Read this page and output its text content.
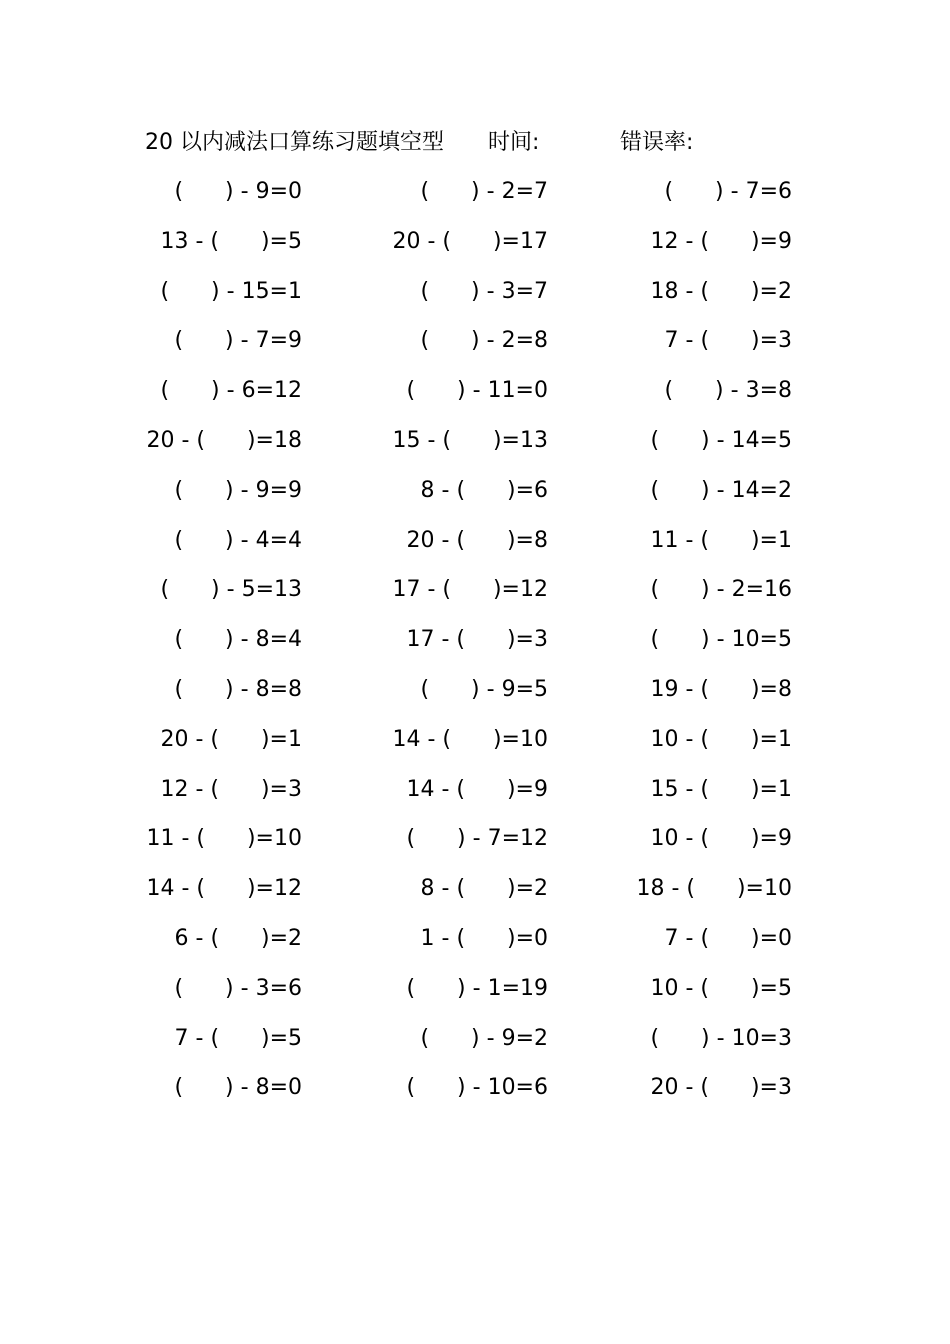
20 以内减法口算练习题填空型 时间:	错误率:
(      ) - 9=0	(      ) - 2=7	(      ) - 7=6
13 - (      )=5	20 - (      )=17	12 - (      )=9
(      ) - 15=1	(      ) - 3=7	18 - (      )=2
(      ) - 7=9	(      ) - 2=8	7 - (      )=3
(      ) - 6=12	(      ) - 11=0	(      ) - 3=8
20 - (      )=18	15 - (      )=13	(      ) - 14=5
(      ) - 9=9	8 - (      )=6	(      ) - 14=2
(      ) - 4=4	20 - (      )=8	11 - (      )=1
(      ) - 5=13	17 - (      )=12	(      ) - 2=16
(      ) - 8=4	17 - (      )=3	(      ) - 10=5
(      ) - 8=8	(      ) - 9=5	19 - (      )=8
20 - (      )=1	14 - (      )=10	10 - (      )=1
12 - (      )=3	14 - (      )=9	15 - (      )=1
11 - (      )=10	(      ) - 7=12	10 - (      )=9
14 - (      )=12	8 - (      )=2	18 - (      )=10
6 - (      )=2	1 - (      )=0	7 - (      )=0
(      ) - 3=6	(      ) - 1=19	10 - (      )=5
7 - (      )=5	(      ) - 9=2	(      ) - 10=3
(      ) - 8=0	(      ) - 10=6	20 - (      )=3
